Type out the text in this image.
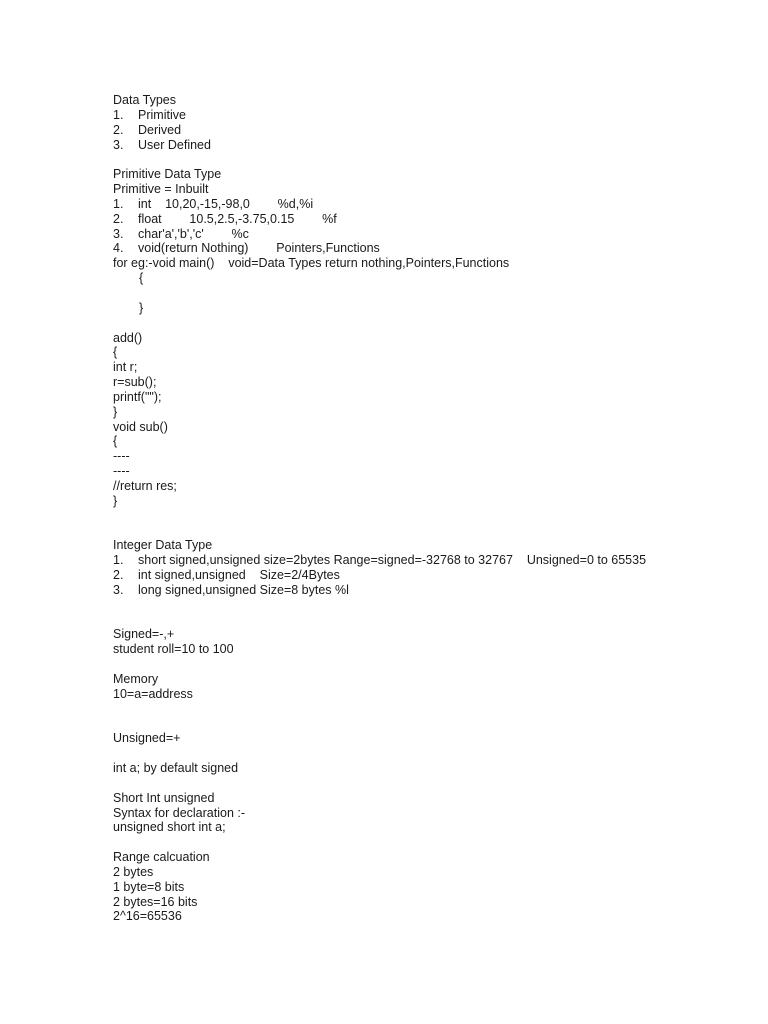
Data Types
1. Primitive
2. Derived
3. User Defined
Primitive Data Type
Primitive = Inbuilt
1. int    10,20,-15,-98,0        %d,%i
2. float        10.5,2.5,-3.75,0.15        %f
3. char'a','b','c'        %c
4. void(return Nothing)        Pointers,Functions
for eg:-void main()    void=Data Types return nothing,Pointers,Functions
{
}
add()
{
int r;
r=sub();
printf("");
}
void sub()
{
----
----
//return res;
}
Integer Data Type
1. short signed,unsigned size=2bytes Range=signed=-32768 to 32767    Unsigned=0 to 65535
2. int signed,unsigned    Size=2/4Bytes
3. long signed,unsigned Size=8 bytes %l
Signed=-,+
student roll=10 to 100
Memory
10=a=address
Unsigned=+
int a; by default signed
Short Int unsigned
Syntax for declaration :-
unsigned short int a;
Range calcuation
2 bytes
1 byte=8 bits
2 bytes=16 bits
2^16=65536
